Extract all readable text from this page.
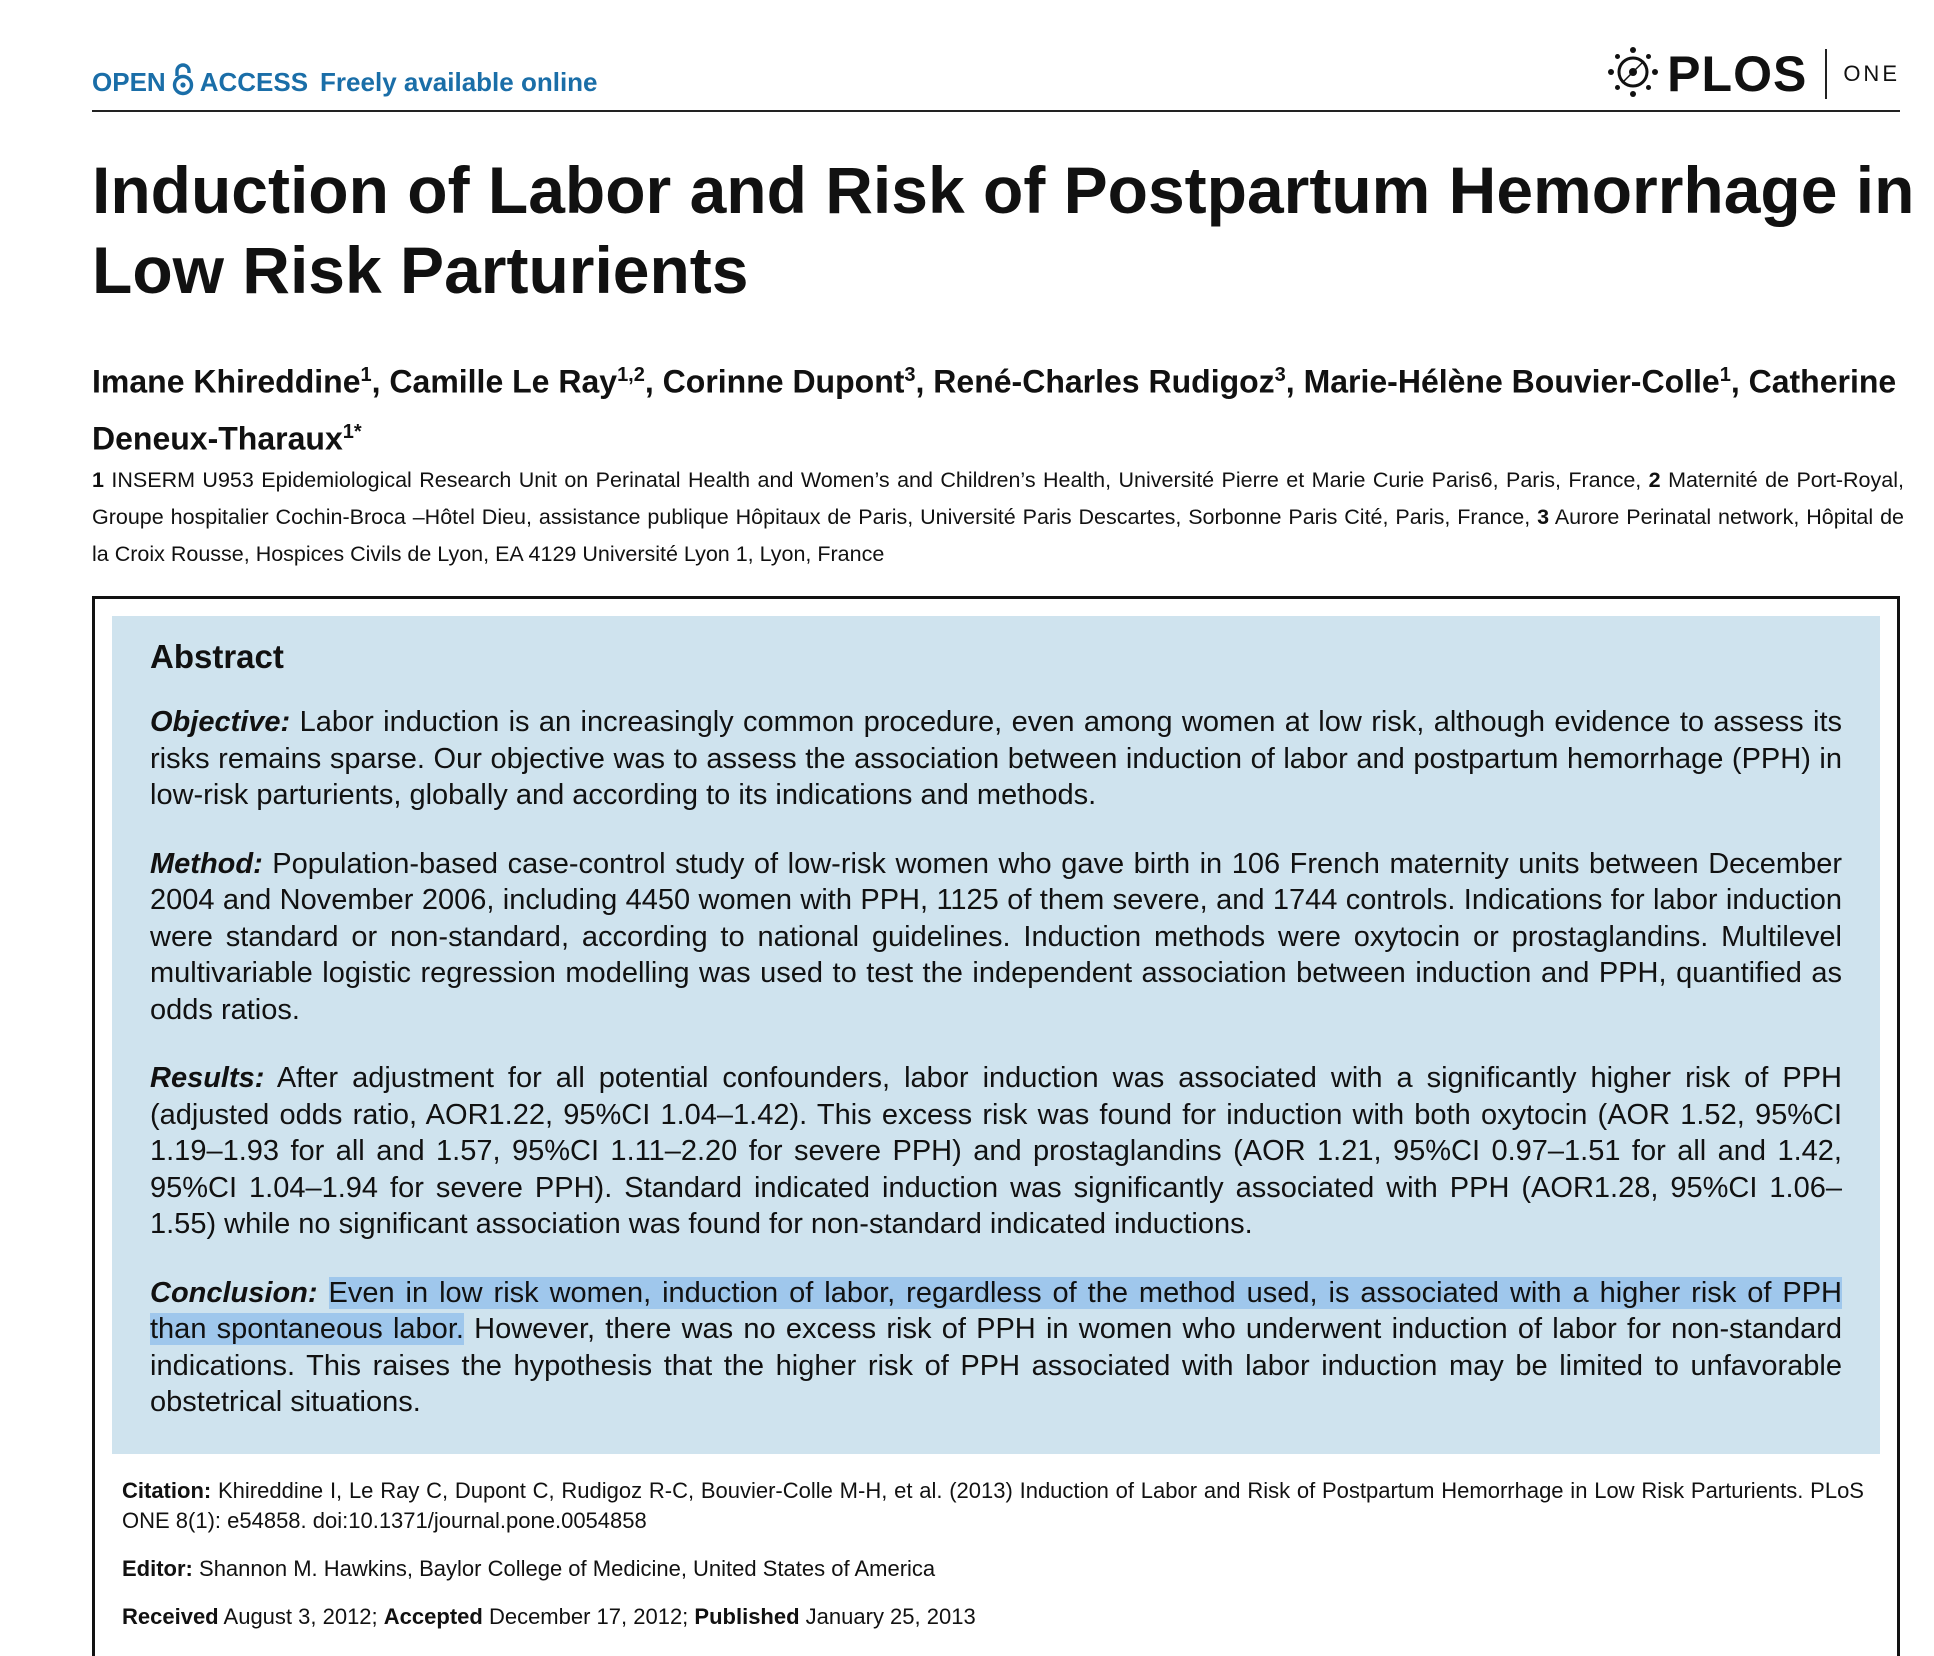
OPEN ACCESS Freely available online	PLOS ONE
Induction of Labor and Risk of Postpartum Hemorrhage in Low Risk Parturients
Imane Khireddine$^1$, Camille Le Ray$^{1,2}$, Corinne Dupont$^3$, René-Charles Rudigoz$^3$, Marie-Hélène Bouvier-Colle$^1$, Catherine Deneux-Tharaux$^{1*}$
1 INSERM U953 Epidemiological Research Unit on Perinatal Health and Women’s and Children’s Health, Université Pierre et Marie Curie Paris6, Paris, France, 2 Maternité de Port-Royal, Groupe hospitalier Cochin-Broca –Hôtel Dieu, assistance publique Hôpitaux de Paris, Université Paris Descartes, Sorbonne Paris Cité, Paris, France, 3 Aurore Perinatal network, Hôpital de la Croix Rousse, Hospices Civils de Lyon, EA 4129 Université Lyon 1, Lyon, France
Abstract

Objective: Labor induction is an increasingly common procedure, even among women at low risk, although evidence to assess its risks remains sparse. Our objective was to assess the association between induction of labor and postpartum hemorrhage (PPH) in low-risk parturients, globally and according to its indications and methods.

Method: Population-based case-control study of low-risk women who gave birth in 106 French maternity units between December 2004 and November 2006, including 4450 women with PPH, 1125 of them severe, and 1744 controls. Indications for labor induction were standard or non-standard, according to national guidelines. Induction methods were oxytocin or prostaglandins. Multilevel multivariable logistic regression modelling was used to test the independent association between induction and PPH, quantified as odds ratios.

Results: After adjustment for all potential confounders, labor induction was associated with a significantly higher risk of PPH (adjusted odds ratio, AOR1.22, 95%CI 1.04–1.42). This excess risk was found for induction with both oxytocin (AOR 1.52, 95%CI 1.19–1.93 for all and 1.57, 95%CI 1.11–2.20 for severe PPH) and prostaglandins (AOR 1.21, 95%CI 0.97–1.51 for all and 1.42, 95%CI 1.04–1.94 for severe PPH). Standard indicated induction was significantly associated with PPH (AOR1.28, 95%CI 1.06–1.55) while no significant association was found for non-standard indicated inductions.

Conclusion: Even in low risk women, induction of labor, regardless of the method used, is associated with a higher risk of PPH than spontaneous labor. However, there was no excess risk of PPH in women who underwent induction of labor for non-standard indications. This raises the hypothesis that the higher risk of PPH associated with labor induction may be limited to unfavorable obstetrical situations.

Citation: Khireddine I, Le Ray C, Dupont C, Rudigoz R-C, Bouvier-Colle M-H, et al. (2013) Induction of Labor and Risk of Postpartum Hemorrhage in Low Risk Parturients. PLoS ONE 8(1): e54858. doi:10.1371/journal.pone.0054858

Editor: Shannon M. Hawkins, Baylor College of Medicine, United States of America

Received August 3, 2012; Accepted December 17, 2012; Published January 25, 2013
